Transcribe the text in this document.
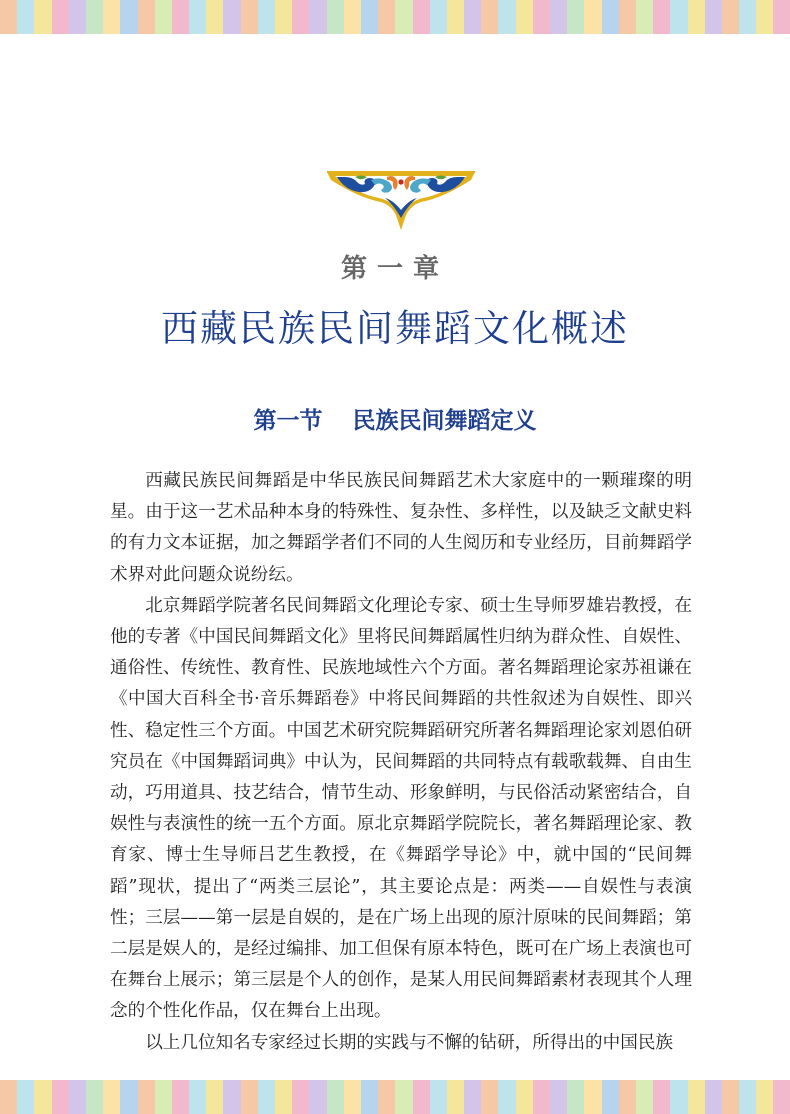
第一章
西藏民族民间舞蹈文化概述
第一节 民族民间舞蹈定义

西藏民族民间舞蹈是中华民族民间舞蹈艺术大家庭中的一颗璀璨的明星。由于这一艺术品种本身的特殊性、复杂性、多样性，以及缺乏文献史料的有力文本证据，加之舞蹈学者们不同的人生阅历和专业经历，目前舞蹈学术界对此问题众说纷纭。

北京舞蹈学院著名民间舞蹈文化理论专家、硕士生导师罗雄岩教授，在他的专著《中国民间舞蹈文化》里将民间舞蹈属性归纳为群众性、自娱性、通俗性、传统性、教育性、民族地域性六个方面。著名舞蹈理论家苏祖谦在《中国大百科全书·音乐舞蹈卷》中将民间舞蹈的共性叙述为自娱性、即兴性、稳定性三个方面。中国艺术研究院舞蹈研究所著名舞蹈理论家刘恩伯研究员在《中国舞蹈词典》中认为，民间舞蹈的共同特点有载歌载舞、自由生动，巧用道具、技艺结合，情节生动、形象鲜明，与民俗活动紧密结合，自娱性与表演性的统一五个方面。原北京舞蹈学院院长，著名舞蹈理论家、教育家、博士生导师吕艺生教授，在《舞蹈学导论》中，就中国的“民间舞蹈”现状，提出了“两类三层论”，其主要论点是：两类——自娱性与表演性；三层——第一层是自娱的，是在广场上出现的原汁原味的民间舞蹈；第二层是娱人的，是经过编排、加工但保有原本特色，既可在广场上表演也可在舞台上展示；第三层是个人的创作，是某人用民间舞蹈素材表现其个人理念的个性化作品，仅在舞台上出现。

以上几位知名专家经过长期的实践与不懈的钻研，所得出的中国民族
